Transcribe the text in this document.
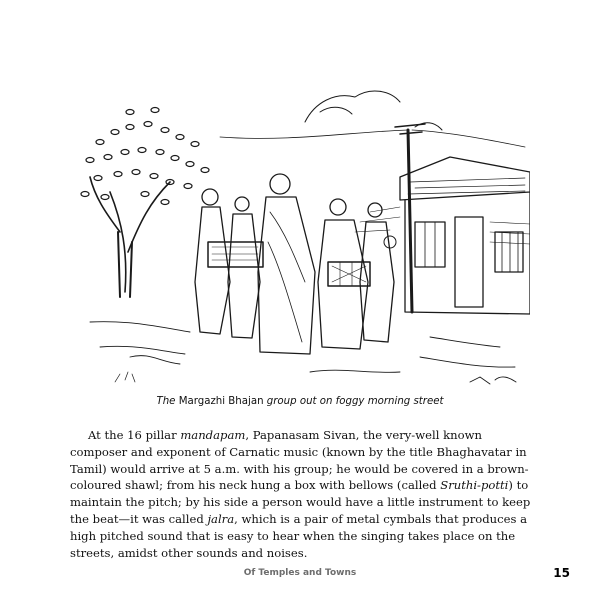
The Margazhi Bhajan group out on foggy morning street

At the 16 pillar mandapam, Papanasam Sivan, the very-well known composer and exponent of Carnatic music (known by the title Bhaghavatar in Tamil) would arrive at 5 a.m. with his group; he would be covered in a brown-coloured shawl; from his neck hung a box with bellows (called Sruthi-potti) to maintain the pitch; by his side a person would have a little instrument to keep the beat—it was called jalra, which is a pair of metal cymbals that produces a high pitched sound that is easy to hear when the singing takes place on the streets, amidst other sounds and noises.

Of Temples and Towns	15
